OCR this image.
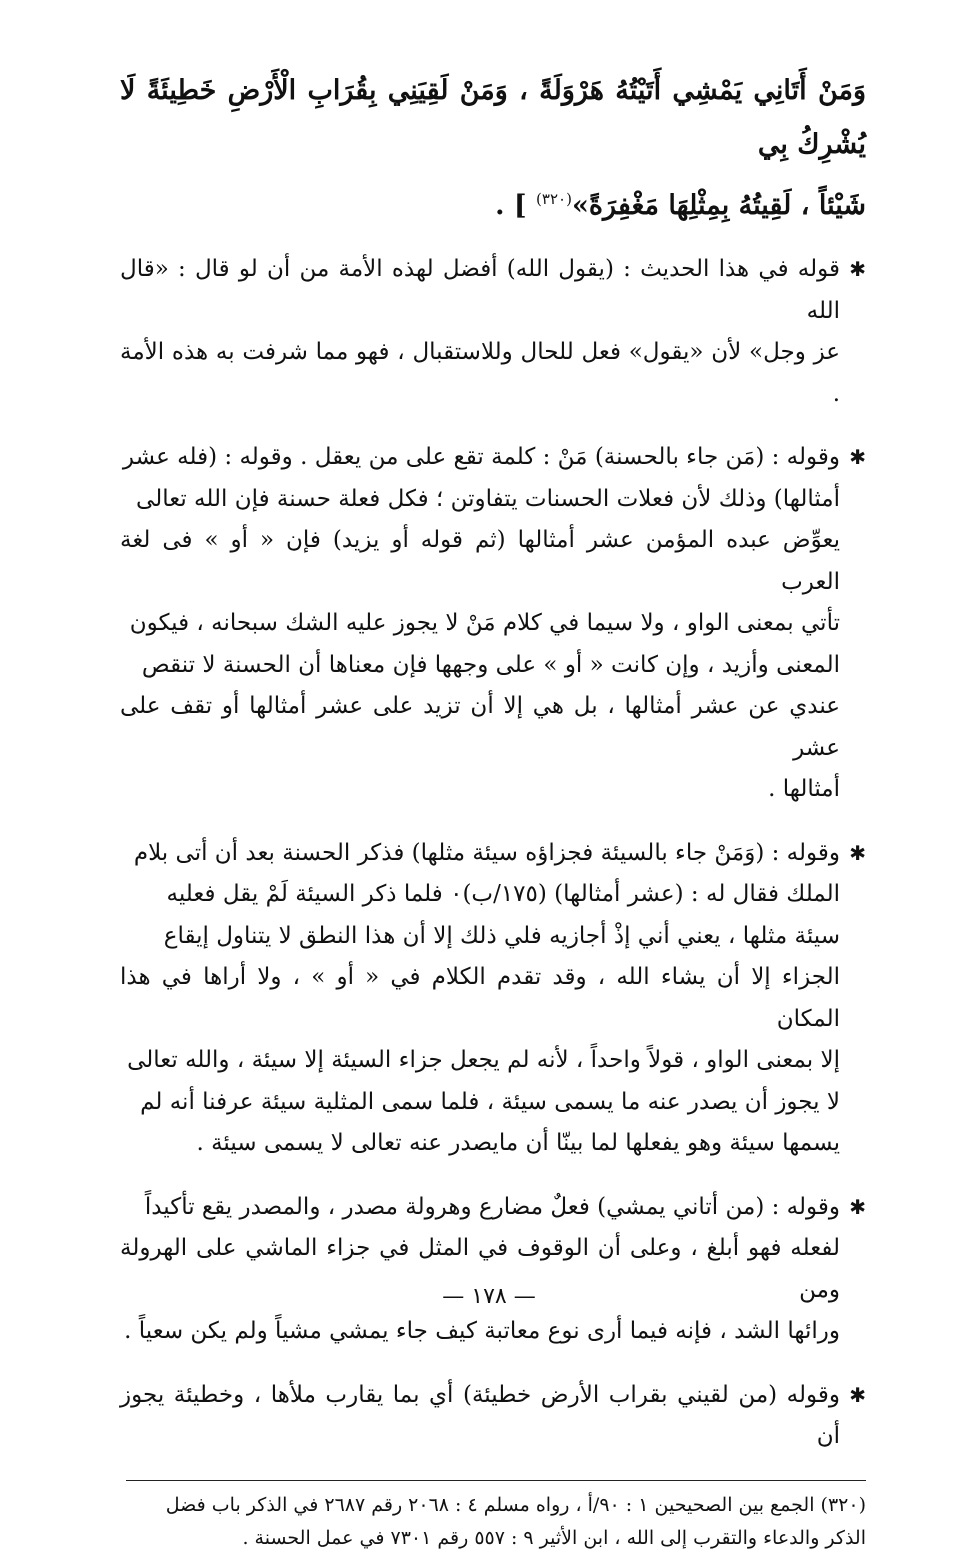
وَمَنْ أَتَانِي يَمْشِي أَتَيْتُهُ هَرْوَلَةً ، وَمَنْ لَقِيَنِي بِقُرَابِ الْأَرْضِ خَطِيئَةً لَا يُشْرِكُ بِي

شَيْئاً ، لَقِيتُهُ بِمِثْلِهَا مَغْفِرَةً»$^{(٣٢٠)}$ ] .

✱

قوله في هذا الحديث : (يقول الله) أفضل لهذه الأمة من أن لو قال : «قال الله

عز وجل» لأن «يقول» فعل للحال وللاستقبال ، فهو مما شرفت به هذه الأمة .

✱

وقوله : (مَن جاء بالحسنة) مَنْ : كلمة تقع على من يعقل . وقوله : (فله عشر

أمثالها) وذلك لأن فعلات الحسنات يتفاوتن ؛ فكل فعلة حسنة فإن الله تعالى

يعوِّض عبده المؤمن عشر أمثالها (ثم قوله أو يزيد) فإن « أو » فى لغة العرب

تأتي بمعنى الواو ، ولا سيما في كلام مَنْ لا يجوز عليه الشك سبحانه ، فيكون

المعنى وأزيد ، وإن كانت « أو » على وجهها فإن معناها أن الحسنة لا تنقص

عندي عن عشر أمثالها ، بل هي إلا أن تزيد على عشر أمثالها أو تقف على عشر

أمثالها .

✱

وقوله : (وَمَنْ جاء بالسيئة فجزاؤه سيئة مثلها) فذكر الحسنة بعد أن أتى بلام

الملك فقال له : (عشر أمثالها) (١٧٥/ب)٠ فلما ذكر السيئة لَمْ يقل فعليه

سيئة مثلها ، يعني أني إذْ أجازيه فلي ذلك إلا أن هذا النطق لا يتناول إيقاع

الجزاء إلا أن يشاء الله ، وقد تقدم الكلام في « أو » ، ولا أراها في هذا المكان

إلا بمعنى الواو ، قولاً واحداً ، لأنه لم يجعل جزاء السيئة إلا سيئة ، والله تعالى

لا يجوز أن يصدر عنه ما يسمى سيئة ، فلما سمى المثلية سيئة عرفنا أنه لم

يسمها سيئة وهو يفعلها لما بينّا أن مايصدر عنه تعالى لا يسمى سيئة .

✱

وقوله : (من أتاني يمشي) فعلٌ مضارع وهرولة مصدر ، والمصدر يقع تأكيداً

لفعله فهو أبلغ ، وعلى أن الوقوف في المثل في جزاء الماشي على الهرولة ومن

ورائها الشد ، فإنه فيما أرى نوع معاتبة كيف جاء يمشي مشياً ولم يكن سعياً .

✱

وقوله (من لقيني بقراب الأرض خطيئة) أي بما يقارب ملأها ، وخطيئة يجوز أن

(٣٢٠) الجمع بين الصحيحين ١ : ٩٠/أ ، رواه مسلم ٤ : ٢٠٦٨ رقم ٢٦٨٧ في الذكر باب فضل

الذكر والدعاء والتقرب إلى الله ، ابن الأثير ٩ : ٥٥٧ رقم ٧٣٠١ في عمل الحسنة .

— ١٧٨ —
